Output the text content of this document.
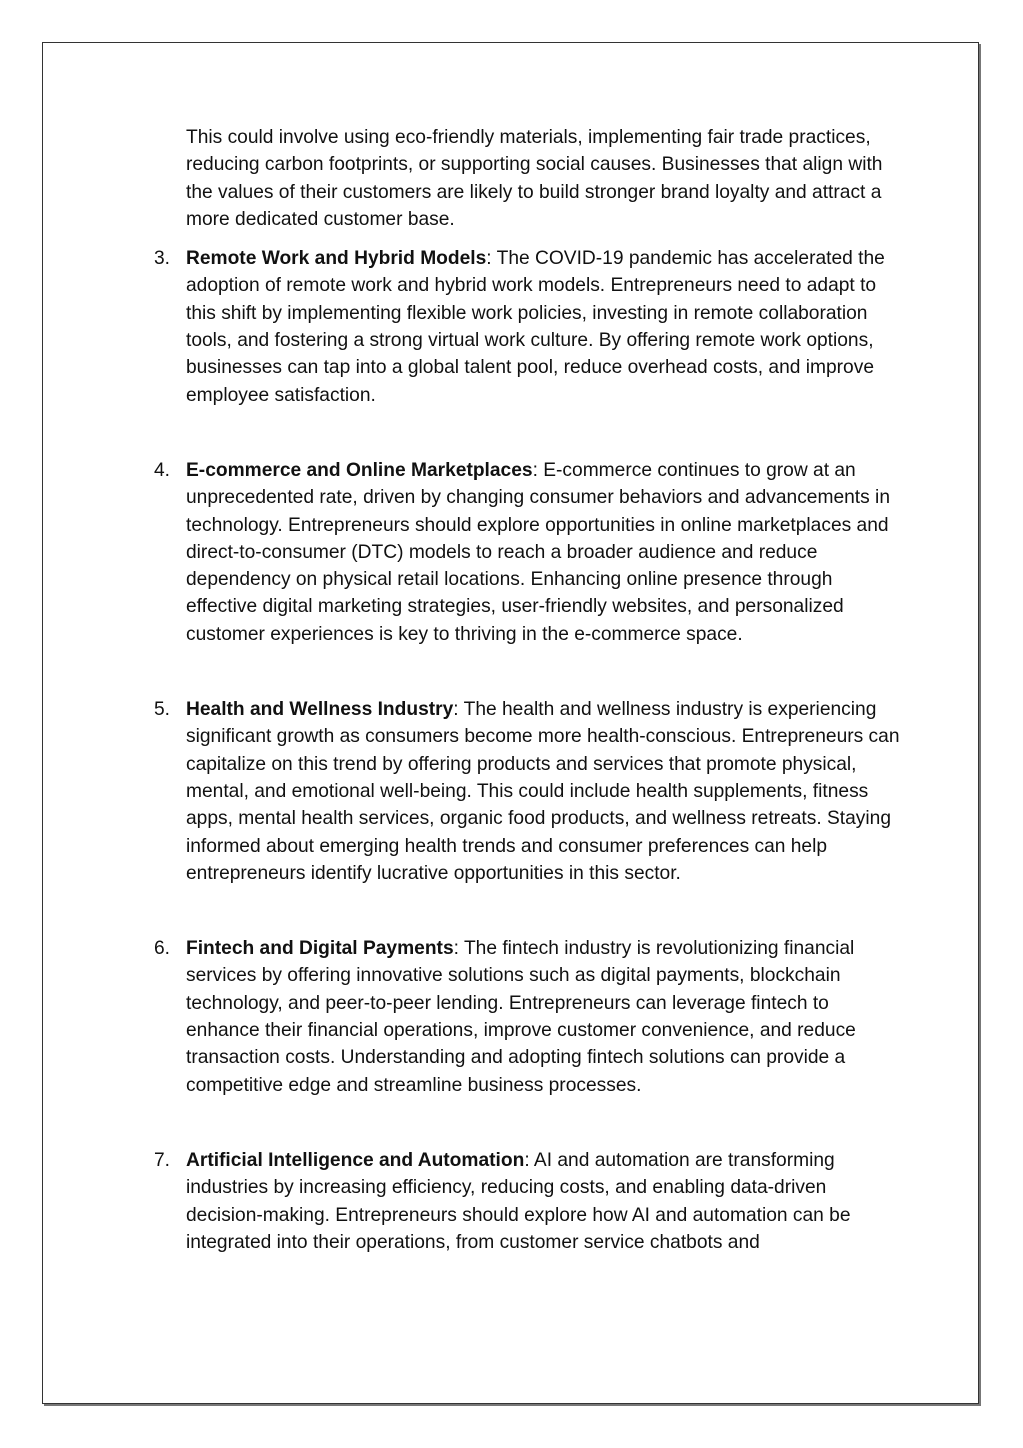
This could involve using eco-friendly materials, implementing fair trade practices, reducing carbon footprints, or supporting social causes. Businesses that align with the values of their customers are likely to build stronger brand loyalty and attract a more dedicated customer base.

3. Remote Work and Hybrid Models: The COVID-19 pandemic has accelerated the adoption of remote work and hybrid work models. Entrepreneurs need to adapt to this shift by implementing flexible work policies, investing in remote collaboration tools, and fostering a strong virtual work culture. By offering remote work options, businesses can tap into a global talent pool, reduce overhead costs, and improve employee satisfaction.

4. E-commerce and Online Marketplaces: E-commerce continues to grow at an unprecedented rate, driven by changing consumer behaviors and advancements in technology. Entrepreneurs should explore opportunities in online marketplaces and direct-to-consumer (DTC) models to reach a broader audience and reduce dependency on physical retail locations. Enhancing online presence through effective digital marketing strategies, user-friendly websites, and personalized customer experiences is key to thriving in the e-commerce space.

5. Health and Wellness Industry: The health and wellness industry is experiencing significant growth as consumers become more health-conscious. Entrepreneurs can capitalize on this trend by offering products and services that promote physical, mental, and emotional well-being. This could include health supplements, fitness apps, mental health services, organic food products, and wellness retreats. Staying informed about emerging health trends and consumer preferences can help entrepreneurs identify lucrative opportunities in this sector.

6. Fintech and Digital Payments: The fintech industry is revolutionizing financial services by offering innovative solutions such as digital payments, blockchain technology, and peer-to-peer lending. Entrepreneurs can leverage fintech to enhance their financial operations, improve customer convenience, and reduce transaction costs. Understanding and adopting fintech solutions can provide a competitive edge and streamline business processes.

7. Artificial Intelligence and Automation: AI and automation are transforming industries by increasing efficiency, reducing costs, and enabling data-driven decision-making. Entrepreneurs should explore how AI and automation can be integrated into their operations, from customer service chatbots and
